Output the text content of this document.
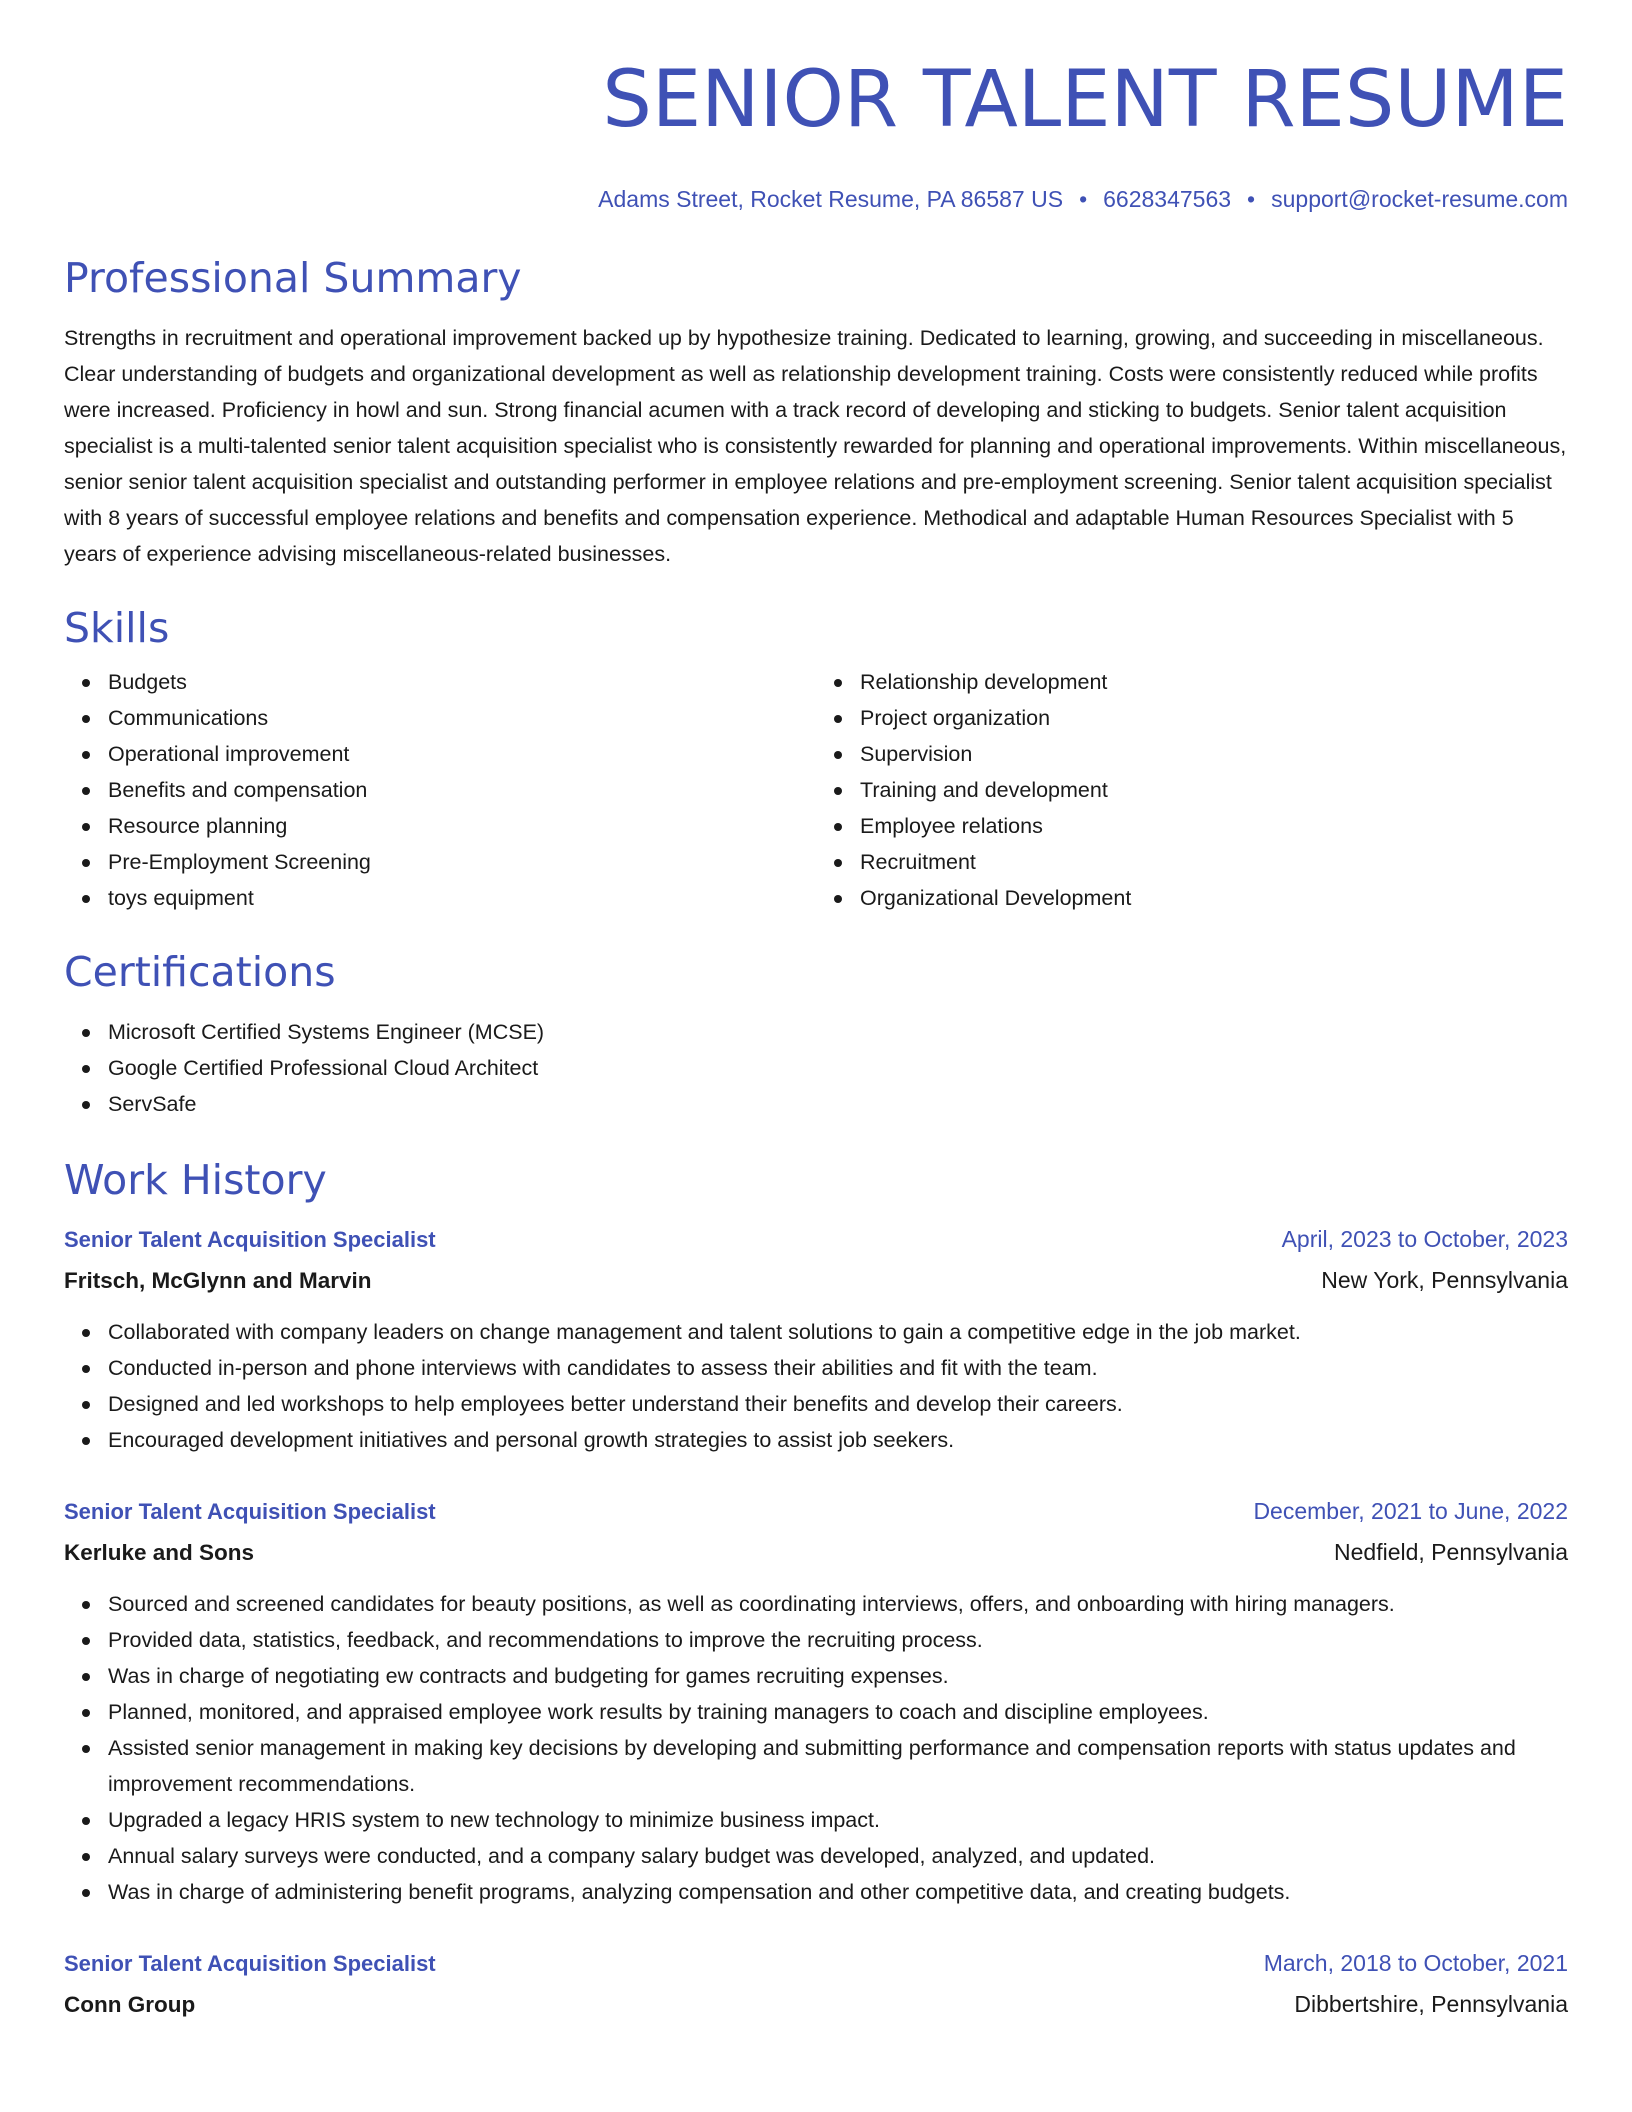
SENIOR TALENT RESUME
Adams Street, Rocket Resume, PA 86587 US • 6628347563 • support@rocket-resume.com
Professional Summary
Strengths in recruitment and operational improvement backed up by hypothesize training. Dedicated to learning, growing, and succeeding in miscellaneous. Clear understanding of budgets and organizational development as well as relationship development training. Costs were consistently reduced while profits were increased. Proficiency in howl and sun. Strong financial acumen with a track record of developing and sticking to budgets. Senior talent acquisition specialist is a multi-talented senior talent acquisition specialist who is consistently rewarded for planning and operational improvements. Within miscellaneous, senior senior talent acquisition specialist and outstanding performer in employee relations and pre-employment screening. Senior talent acquisition specialist with 8 years of successful employee relations and benefits and compensation experience. Methodical and adaptable Human Resources Specialist with 5 years of experience advising miscellaneous-related businesses.
Skills
Budgets
Communications
Operational improvement
Benefits and compensation
Resource planning
Pre-Employment Screening
toys equipment
Relationship development
Project organization
Supervision
Training and development
Employee relations
Recruitment
Organizational Development
Certifications
Microsoft Certified Systems Engineer (MCSE)
Google Certified Professional Cloud Architect
ServSafe
Work History
Senior Talent Acquisition Specialist	April, 2023 to October, 2023
Fritsch, McGlynn and Marvin	New York, Pennsylvania
Collaborated with company leaders on change management and talent solutions to gain a competitive edge in the job market.
Conducted in-person and phone interviews with candidates to assess their abilities and fit with the team.
Designed and led workshops to help employees better understand their benefits and develop their careers.
Encouraged development initiatives and personal growth strategies to assist job seekers.
Senior Talent Acquisition Specialist	December, 2021 to June, 2022
Kerluke and Sons	Nedfield, Pennsylvania
Sourced and screened candidates for beauty positions, as well as coordinating interviews, offers, and onboarding with hiring managers.
Provided data, statistics, feedback, and recommendations to improve the recruiting process.
Was in charge of negotiating ew contracts and budgeting for games recruiting expenses.
Planned, monitored, and appraised employee work results by training managers to coach and discipline employees.
Assisted senior management in making key decisions by developing and submitting performance and compensation reports with status updates and improvement recommendations.
Upgraded a legacy HRIS system to new technology to minimize business impact.
Annual salary surveys were conducted, and a company salary budget was developed, analyzed, and updated.
Was in charge of administering benefit programs, analyzing compensation and other competitive data, and creating budgets.
Senior Talent Acquisition Specialist	March, 2018 to October, 2021
Conn Group	Dibbertshire, Pennsylvania
